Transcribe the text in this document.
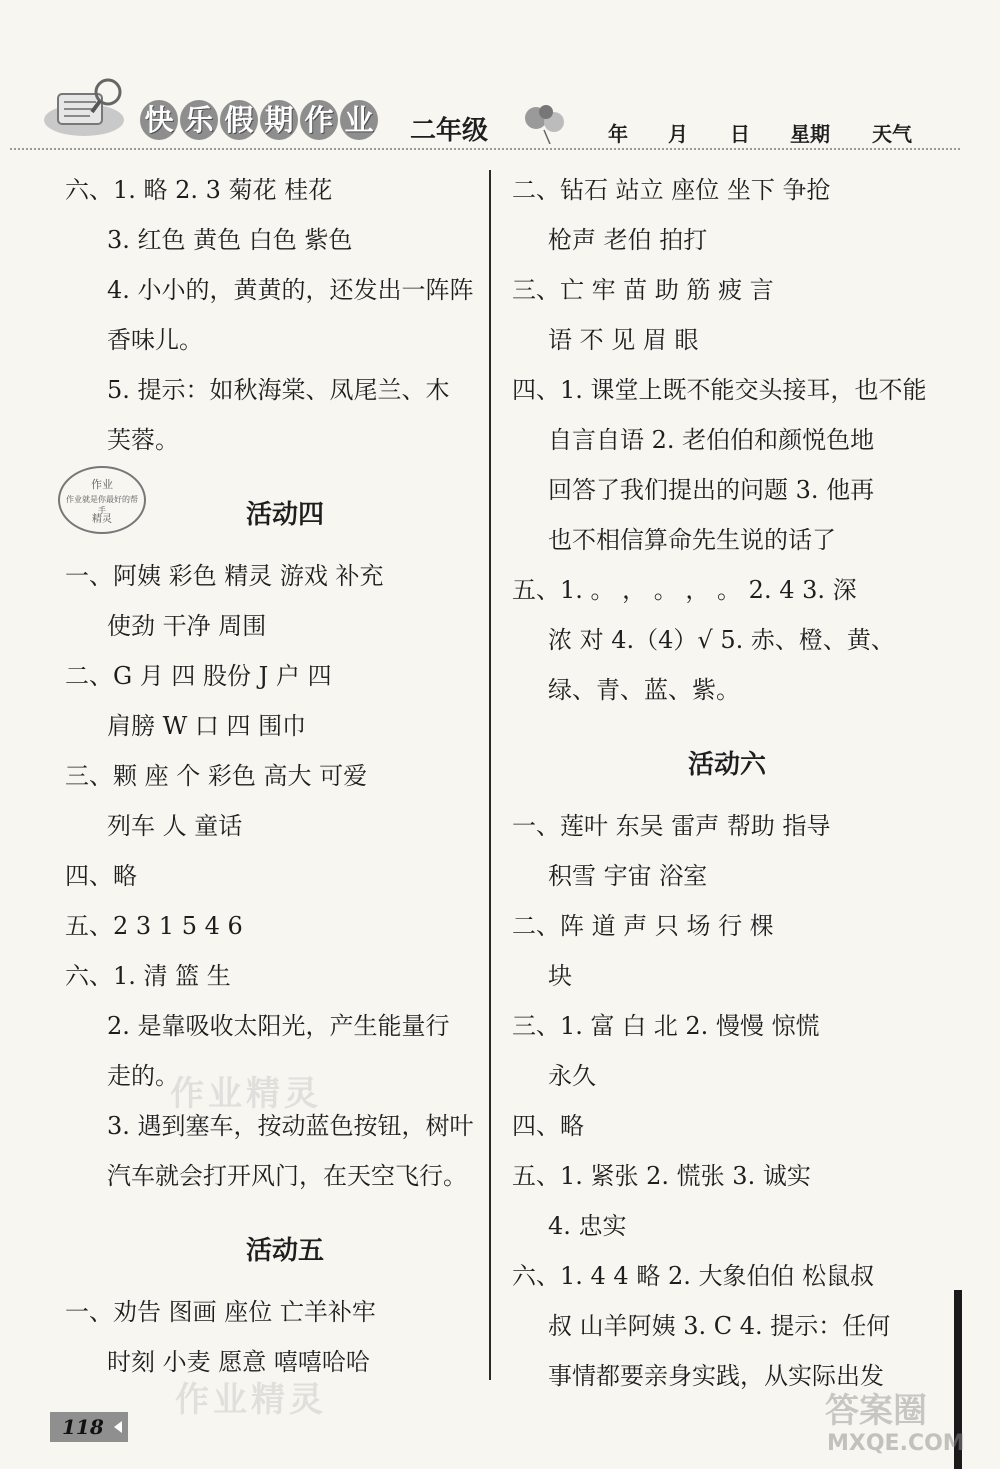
快 乐 假 期 作 业 二年级	年 月 日 星期 天气
六、1. 略 2. 3 菊花 桂花
3. 红色 黄色 白色 紫色
4. 小小的，黄黄的，还发出一阵阵
香味儿。
5. 提示：如秋海棠、凤尾兰、木
芙蓉。
活动四
一、阿姨 彩色 精灵 游戏 补充
使劲 干净 周围
二、G 月 四 股份 J 户 四
肩膀 W 口 四 围巾
三、颗 座 个 彩色 高大 可爱
列车 人 童话
四、略
五、2 3 1 5 4 6
六、1. 清 篮 生
2. 是靠吸收太阳光，产生能量行
走的。
3. 遇到塞车，按动蓝色按钮，树叶
汽车就会打开风门，在天空飞行。
活动五
一、劝告 图画 座位 亡羊补牢
时刻 小麦 愿意 嘻嘻哈哈
二、钻石 站立 座位 坐下 争抢
枪声 老伯 拍打
三、亡 牢 苗 助 筋 疲 言
语 不 见 眉 眼
四、1. 课堂上既不能交头接耳，也不能
自言自语 2. 老伯伯和颜悦色地
回答了我们提出的问题 3. 他再
也不相信算命先生说的话了
五、1. 。 ， 。 ， 。 2. 4 3. 深
浓 对 4.（4）√ 5. 赤、橙、黄、
绿、青、蓝、紫。
活动六
一、莲叶 东吴 雷声 帮助 指导
积雪 宇宙 浴室
二、阵 道 声 只 场 行 棵
块
三、1. 富 白 北 2. 慢慢 惊慌
永久
四、略
五、1. 紧张 2. 慌张 3. 诚实
4. 忠实
六、1. 4 4 略 2. 大象伯伯 松鼠叔
叔 山羊阿姨 3. C 4. 提示：任何
事情都要亲身实践，从实际出发
作业
作业就是你最好的帮手
精灵
作业精灵
作业精灵
118	答案圈
MXQE.COM
